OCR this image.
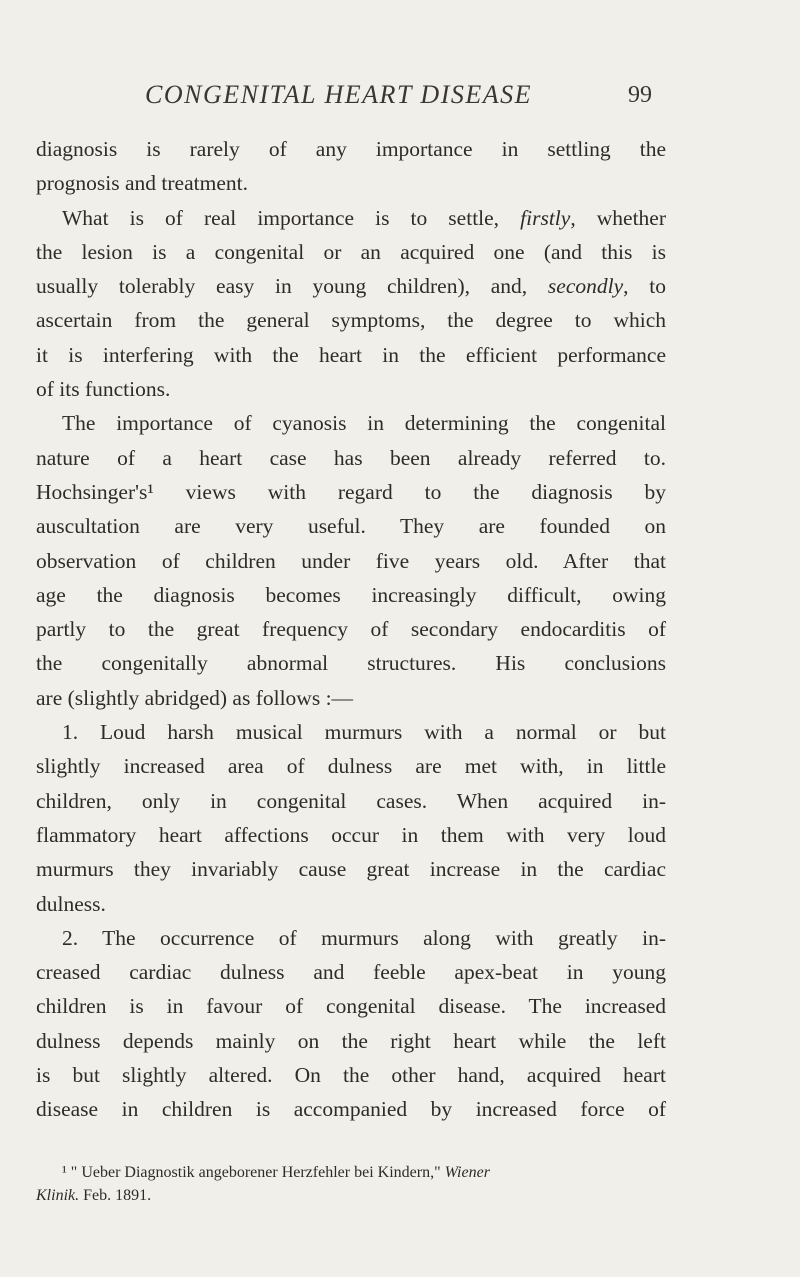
CONGENITAL HEART DISEASE	99
diagnosis is rarely of any importance in settling the
prognosis and treatment.
What is of real importance is to settle, firstly, whether
the lesion is a congenital or an acquired one (and this is
usually tolerably easy in young children), and, secondly, to
ascertain from the general symptoms, the degree to which
it is interfering with the heart in the efficient performance
of its functions.
The importance of cyanosis in determining the congenital
nature of a heart case has been already referred to.
Hochsinger's¹ views with regard to the diagnosis by
auscultation are very useful. They are founded on
observation of children under five years old. After that
age the diagnosis becomes increasingly difficult, owing
partly to the great frequency of secondary endocarditis of
the congenitally abnormal structures. His conclusions
are (slightly abridged) as follows :—
1. Loud harsh musical murmurs with a normal or but
slightly increased area of dulness are met with, in little
children, only in congenital cases. When acquired in-
flammatory heart affections occur in them with very loud
murmurs they invariably cause great increase in the cardiac
dulness.
2. The occurrence of murmurs along with greatly in-
creased cardiac dulness and feeble apex-beat in young
children is in favour of congenital disease. The increased
dulness depends mainly on the right heart while the left
is but slightly altered. On the other hand, acquired heart
disease in children is accompanied by increased force of
¹ " Ueber Diagnostik angeborener Herzfehler bei Kindern," Wiener
Klinik. Feb. 1891.
